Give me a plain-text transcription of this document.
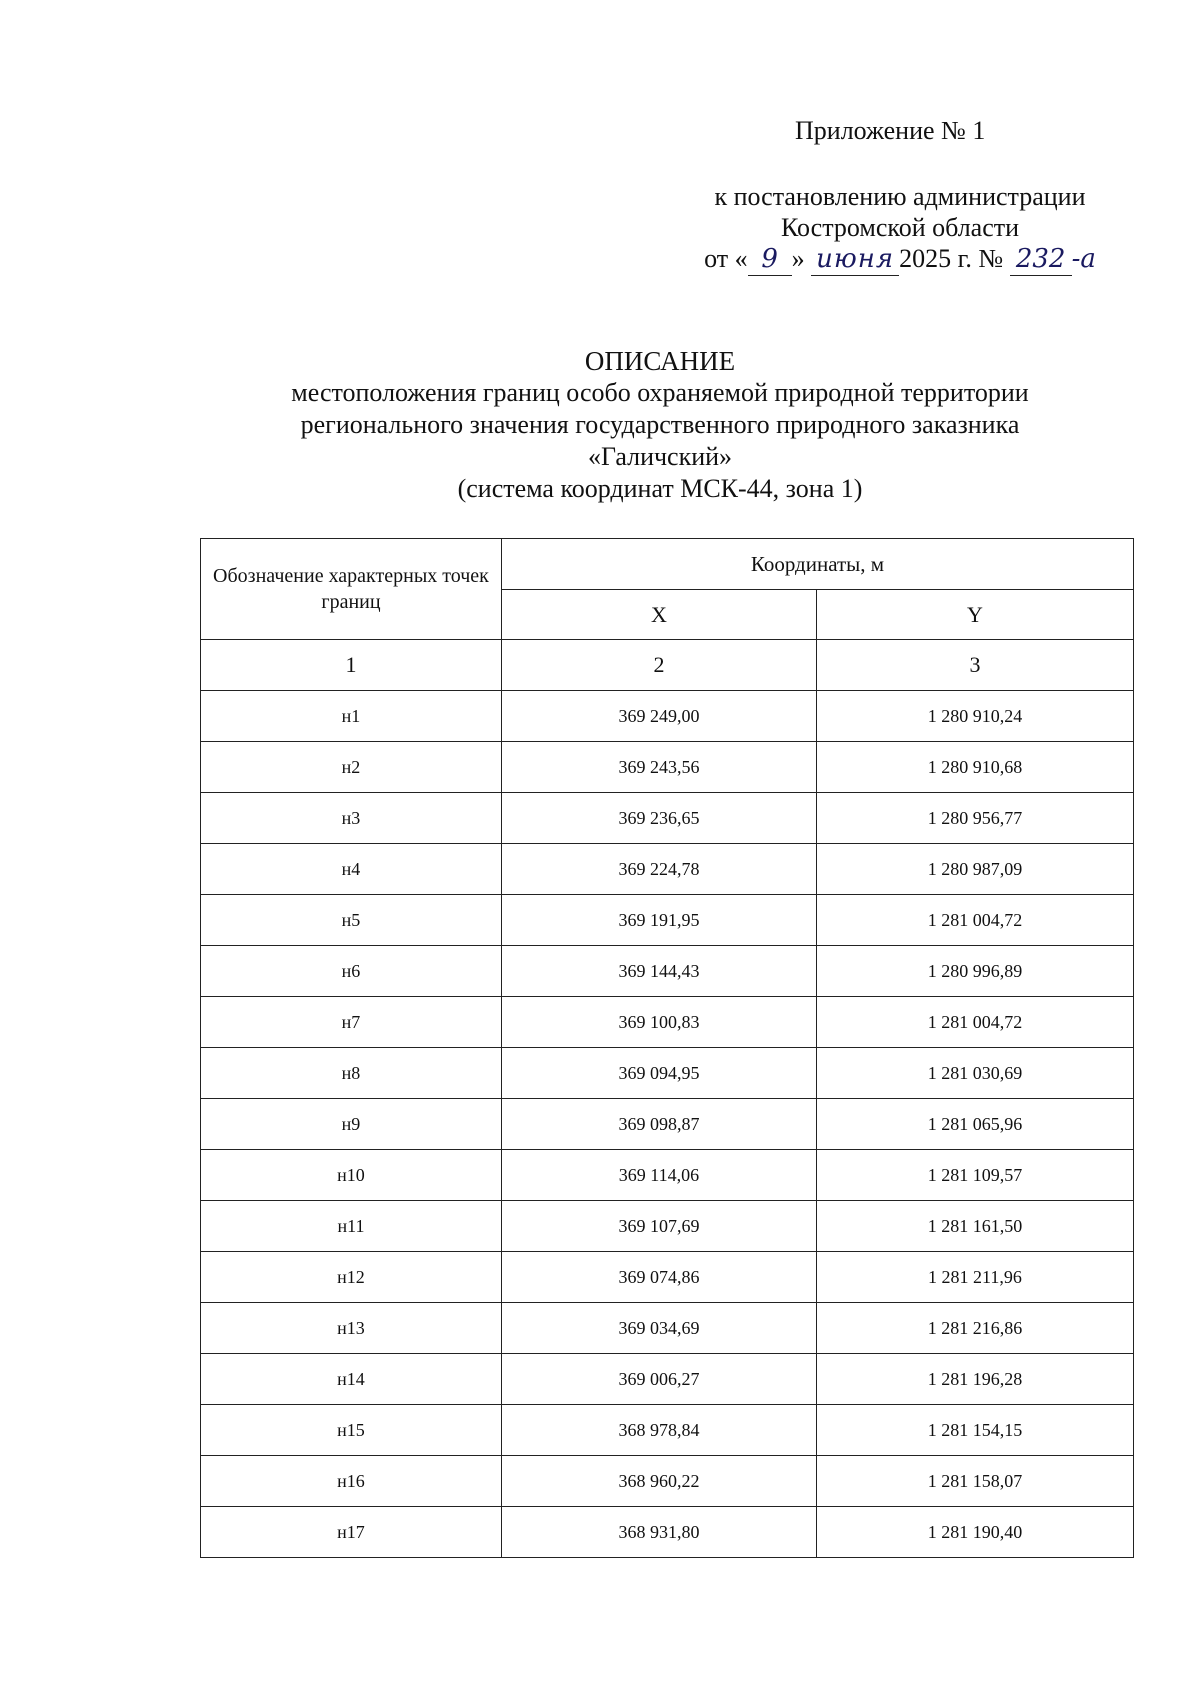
Приложение № 1
к постановлению администрации
Костромской области
от « 9 » июня 2025 г. № 232 -а
ОПИСАНИЕ
местоположения границ особо охраняемой природной территории
регионального значения государственного природного заказника
«Галичский»
(система координат МСК-44, зона 1)
Обозначение характерных точек границ	Координаты, м	
	X	Y
1	2	3
н1	369 249,00	1 280 910,24
н2	369 243,56	1 280 910,68
н3	369 236,65	1 280 956,77
н4	369 224,78	1 280 987,09
н5	369 191,95	1 281 004,72
н6	369 144,43	1 280 996,89
н7	369 100,83	1 281 004,72
н8	369 094,95	1 281 030,69
н9	369 098,87	1 281 065,96
н10	369 114,06	1 281 109,57
н11	369 107,69	1 281 161,50
н12	369 074,86	1 281 211,96
н13	369 034,69	1 281 216,86
н14	369 006,27	1 281 196,28
н15	368 978,84	1 281 154,15
н16	368 960,22	1 281 158,07
н17	368 931,80	1 281 190,40
